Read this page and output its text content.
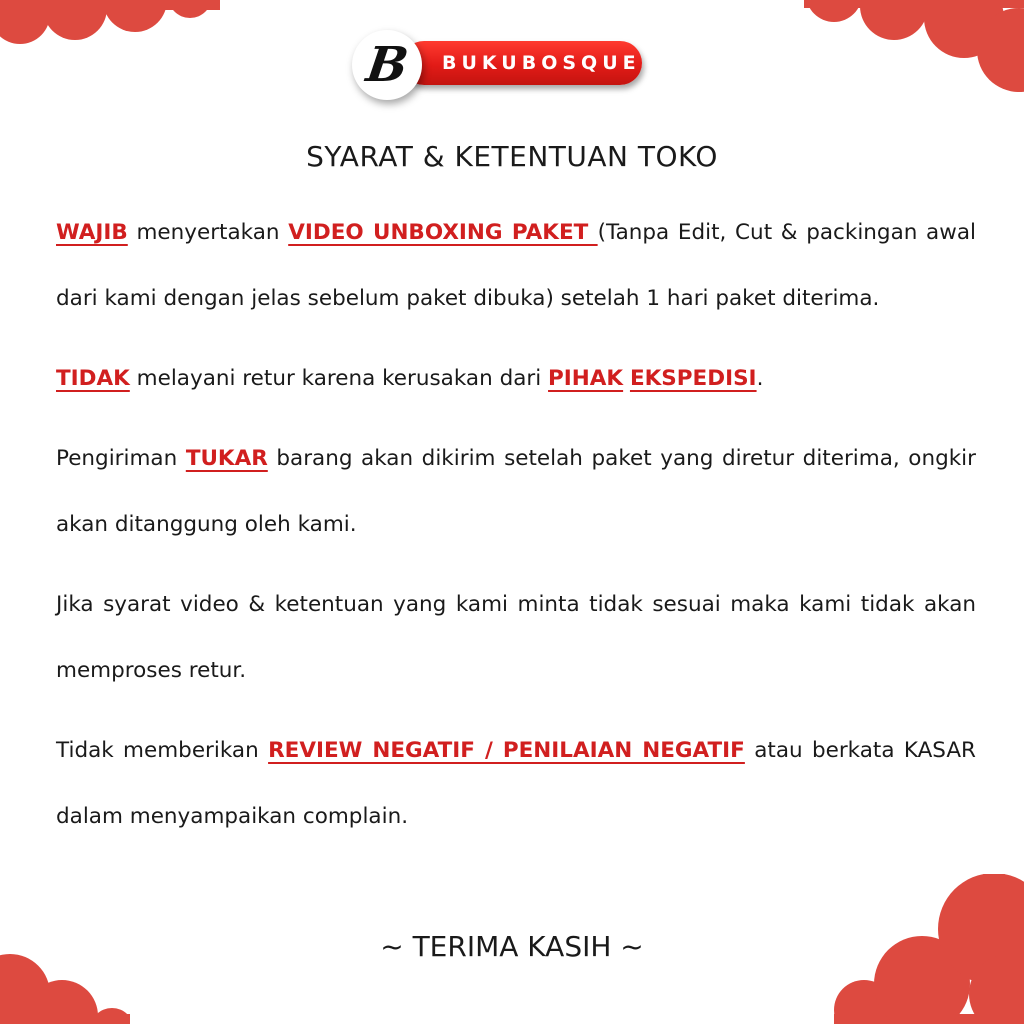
BUKUBOSQUE
B
SYARAT & KETENTUAN TOKO

WAJIB menyertakan VIDEO UNBOXING PAKET (Tanpa Edit, Cut & packingan awal dari kami dengan jelas sebelum paket dibuka) setelah 1 hari paket diterima.

TIDAK melayani retur karena kerusakan dari PIHAK EKSPEDISI.

Pengiriman TUKAR barang akan dikirim setelah paket yang diretur diterima, ongkir akan ditanggung oleh kami.

Jika syarat video & ketentuan yang kami minta tidak sesuai maka kami tidak akan memproses retur.

Tidak memberikan REVIEW NEGATIF / PENILAIAN NEGATIF atau berkata KASAR dalam menyampaikan complain.

~ TERIMA KASIH ~
